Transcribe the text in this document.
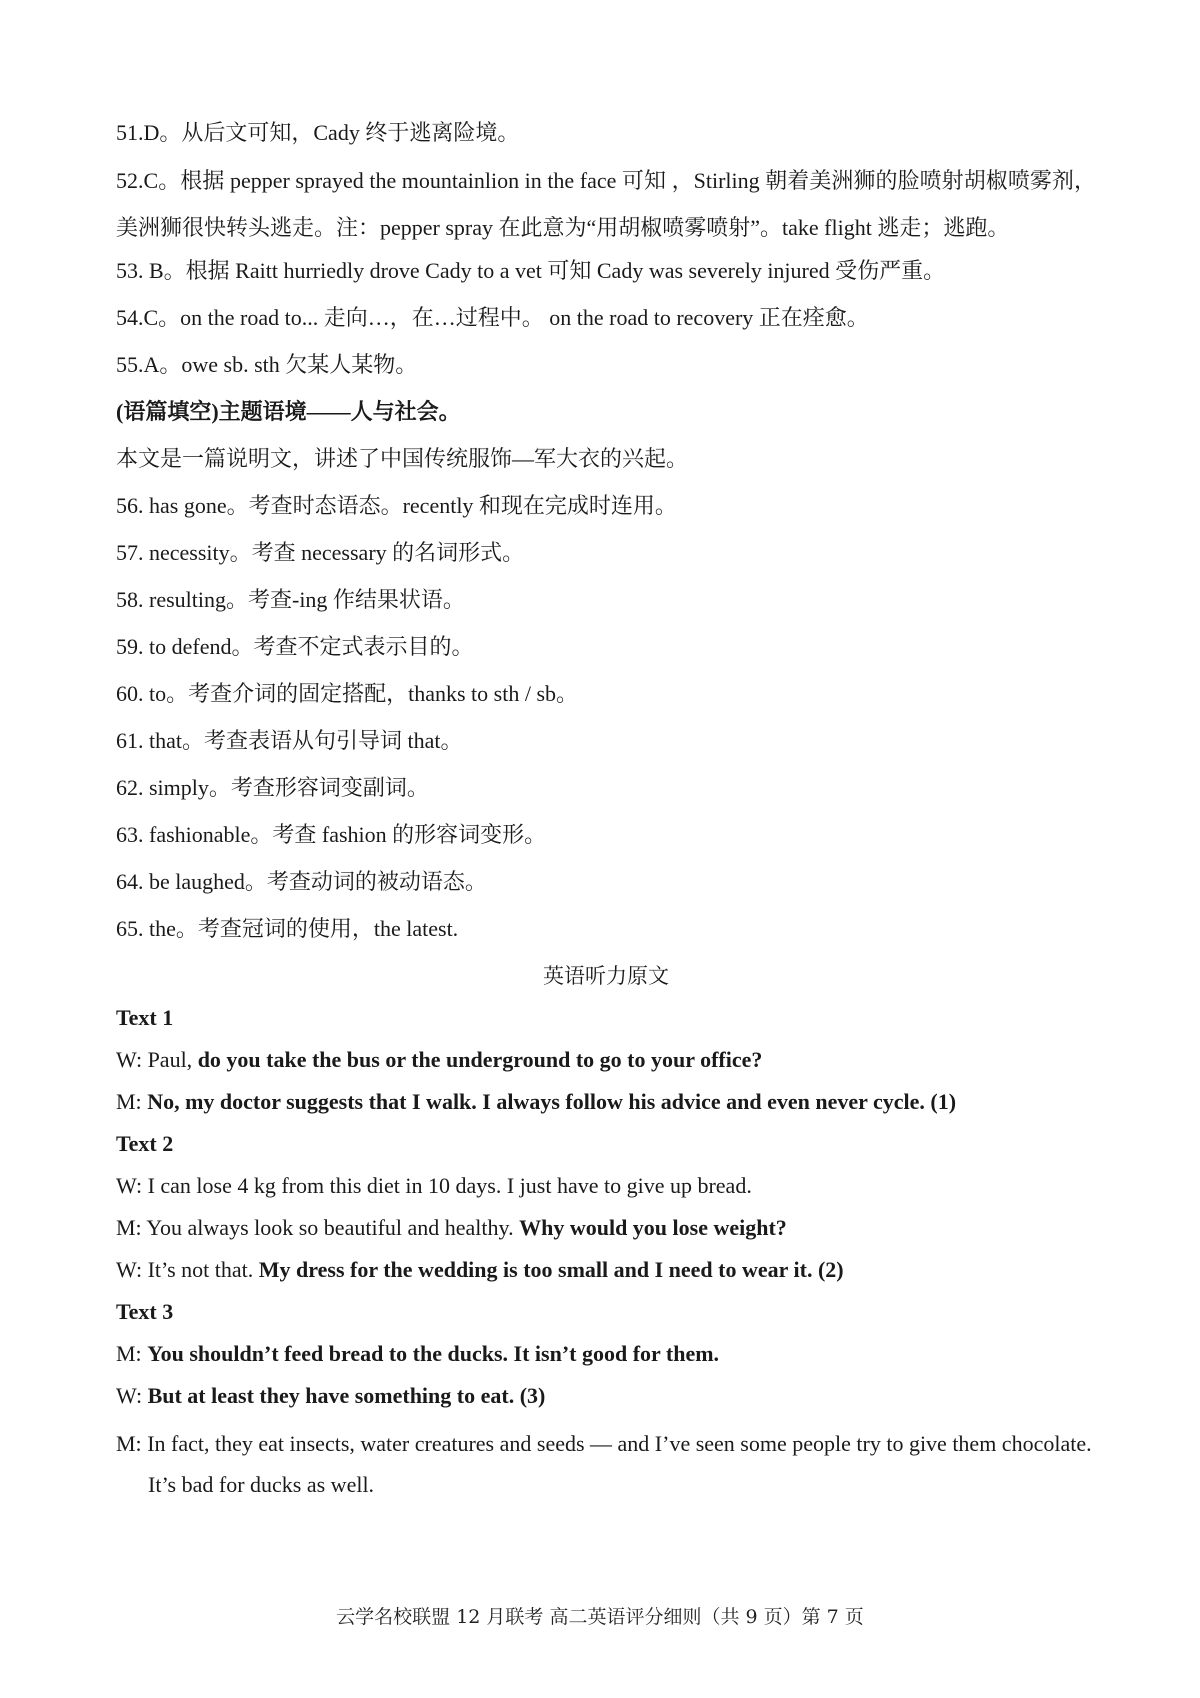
51.D。从后文可知，Cady 终于逃离险境。
52.C。根据 pepper sprayed the mountainlion in the face 可知 ，Stirling 朝着美洲狮的脸喷射胡椒喷雾剂，美洲狮很快转头逃走。注：pepper spray 在此意为“用胡椒喷雾喷射”。take flight 逃走；逃跑。
53. B。根据 Raitt hurriedly drove Cady to a vet 可知 Cady was severely injured 受伤严重。
54.C。on the road to... 走向…，在…过程中。 on the road to recovery 正在痊愈。
55.A。owe sb. sth 欠某人某物。
(语篇填空)主题语境——人与社会。
本文是一篇说明文，讲述了中国传统服饰—军大衣的兴起。
56. has gone。考查时态语态。recently 和现在完成时连用。
57. necessity。考查 necessary 的名词形式。
58. resulting。考查-ing 作结果状语。
59. to defend。考查不定式表示目的。
60. to。考查介词的固定搭配，thanks to sth / sb。
61. that。考查表语从句引导词 that。
62. simply。考查形容词变副词。
63. fashionable。考查 fashion 的形容词变形。
64. be laughed。考查动词的被动语态。
65. the。考查冠词的使用，the latest.
英语听力原文
Text 1
W: Paul, do you take the bus or the underground to go to your office?
M: No, my doctor suggests that I walk. I always follow his advice and even never cycle. (1)
Text 2
W: I can lose 4 kg from this diet in 10 days. I just have to give up bread.
M: You always look so beautiful and healthy. Why would you lose weight?
W: It’s not that. My dress for the wedding is too small and I need to wear it. (2)
Text 3
M: You shouldn’t feed bread to the ducks. It isn’t good for them.
W: But at least they have something to eat. (3)
M: In fact, they eat insects, water creatures and seeds — and I’ve seen some people try to give them chocolate. It’s bad for ducks as well.
云学名校联盟 12 月联考 高二英语评分细则（共 9 页）第 7 页
